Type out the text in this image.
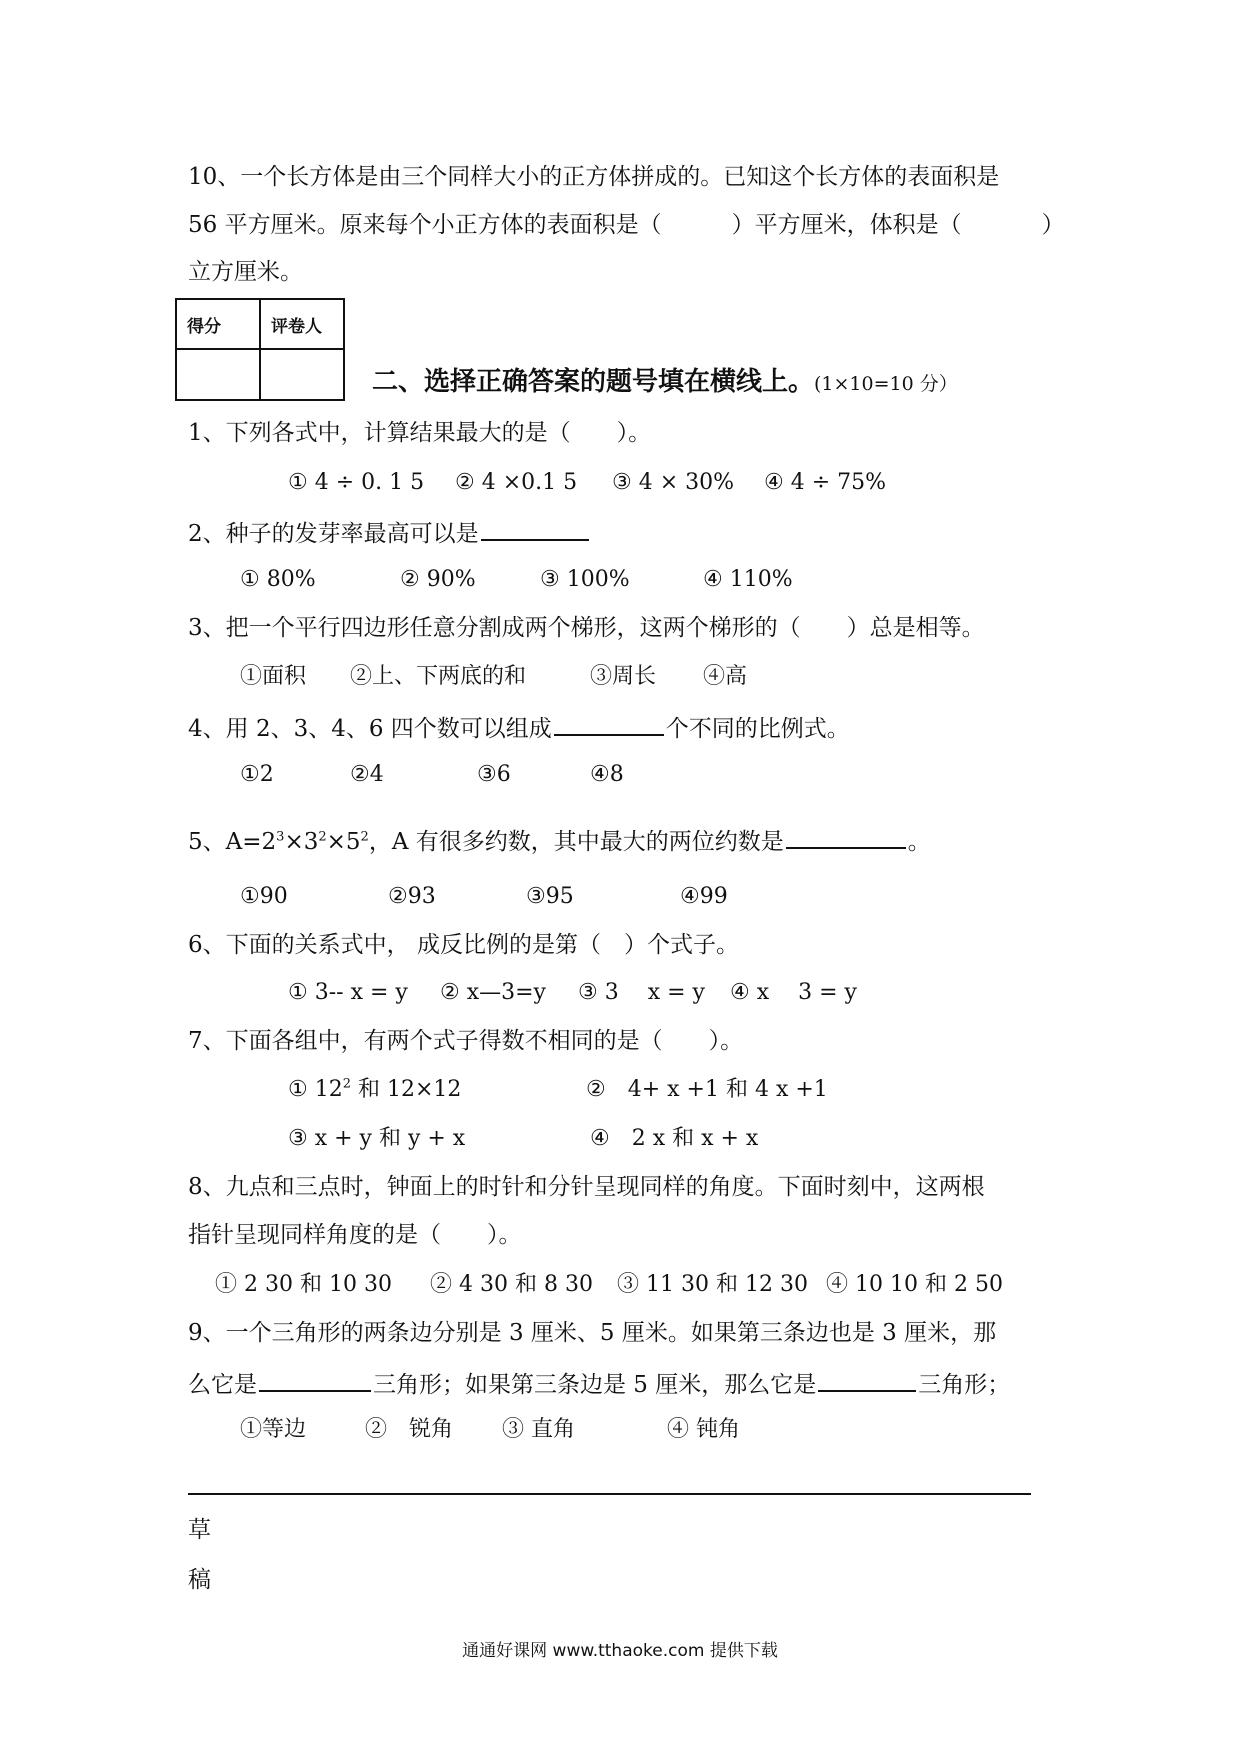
10、一个长方体是由三个同样大小的正方体拼成的。已知这个长方体的表面积是
56 平方厘米。原来每个小正方体的表面积是（	）平方厘米，体积是（	）
立方厘米。
得分	评卷人

二、选择正确答案的题号填在横线上。(1×10=10 分）
1、下列各式中，计算结果最大的是（　　）。
① 4 ÷ 0. 1 5 ② 4 ×0.1 5 ③ 4 × 30% ④ 4 ÷ 75%
2、种子的发芽率最高可以是
① 80%	② 90%	③ 100%	④ 110%
3、把一个平行四边形任意分割成两个梯形，这两个梯形的（　　）总是相等。
①面积 ②上、下两底的和	③周长 ④高
4、用 2、3、4、6 四个数可以组成	个不同的比例式。
①2	②4	③6	④8
5、$A=2^3\times 3^2\times 5^2$，A 有很多约数，其中最大的两位约数是	。
①90	②93	③95	④99
6、下面的关系式中， 成反比例的是第（　）个式子。
① 3-- x = y ② x—3=y ③ 3　 x = y ④ x　 3 = y
7、下面各组中，有两个式子得数不相同的是（　　）。
① $12^2$ 和 12×12	②　4+ x +1 和 4 x +1
③ x + y 和 y + x	④　2 x 和 x + x
8、九点和三点时，钟面上的时针和分针呈现同样的角度。下面时刻中，这两根
指针呈现同样角度的是（　　）。
① 2 30 和 10 30 ② 4 30 和 8 30 ③ 11 30 和 12 30 ④ 10 10 和 2 50
9、一个三角形的两条边分别是 3 厘米、5 厘米。如果第三条边也是 3 厘米，那
么它是	三角形；如果第三条边是 5 厘米，那么它是	三角形；
①等边	②　锐角 ③ 直角	④ 钝角
草
稿
通通好课网 www.tthaoke.com 提供下载
